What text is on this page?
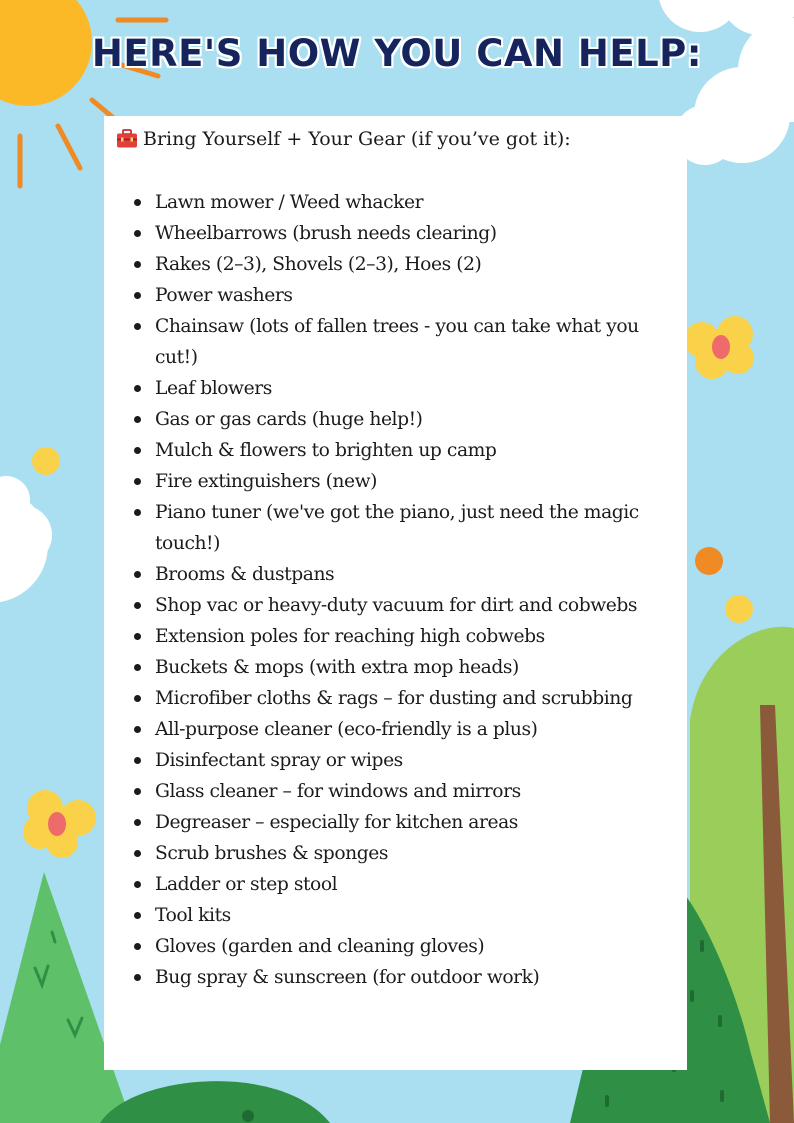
HERE'S HOW YOU CAN HELP:
Bring Yourself + Your Gear (if you’ve got it):
Lawn mower / Weed whacker
Wheelbarrows (brush needs clearing)
Rakes (2–3), Shovels (2–3), Hoes (2)
Power washers
Chainsaw (lots of fallen trees - you can take what you cut!)
Leaf blowers
Gas or gas cards (huge help!)
Mulch & flowers to brighten up camp
Fire extinguishers (new)
Piano tuner (we've got the piano, just need the magic touch!)
Brooms & dustpans
Shop vac or heavy-duty vacuum for dirt and cobwebs
Extension poles for reaching high cobwebs
Buckets & mops (with extra mop heads)
Microfiber cloths & rags – for dusting and scrubbing
All-purpose cleaner (eco-friendly is a plus)
Disinfectant spray or wipes
Glass cleaner – for windows and mirrors
Degreaser – especially for kitchen areas
Scrub brushes & sponges
Ladder or step stool
Tool kits
Gloves (garden and cleaning gloves)
Bug spray & sunscreen (for outdoor work)
